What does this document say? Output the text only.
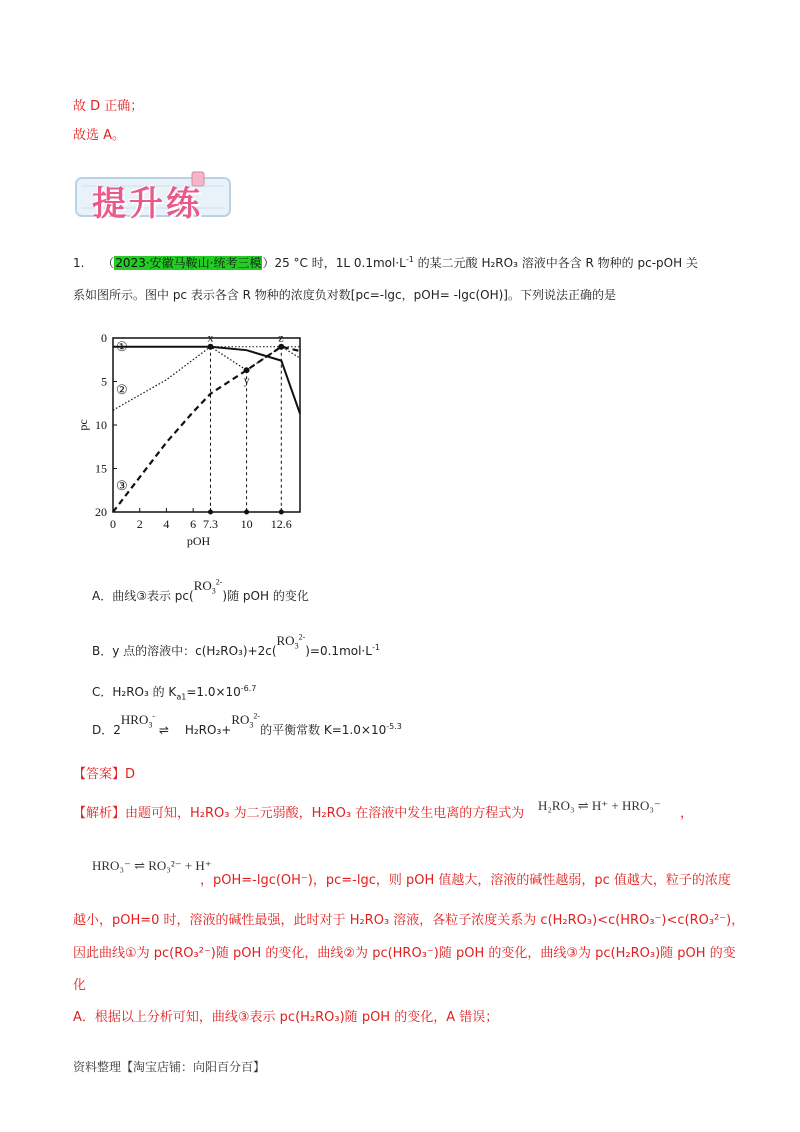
故 D 正确；
故选 A。
提升练
1. （2023·安徽马鞍山·统考三模）25 °C 时，1L $0.1mol\cdot L^{-1}$ 的某二元酸 H₂RO₃ 溶液中各含 R 物种的 pc-pOH 关
系如图所示。图中 pc 表示各含 R 物种的浓度负对数[pc=-lgc，pOH= -lgc(OH)]。下列说法正确的是
0
5
10
15
20
0 2 4 6 7.3 10 12.6
pOH
pc
x
y
z
①
②
③
A．曲线③表示 $pc(RO_3^{2-})$随 pOH 的变化
B．y 点的溶液中：$c(H_2RO_3)+2c(RO_3^{2-})=0.1mol\cdot L^{-1}$
C．H₂RO₃ 的 $K_{a1}=1.0\times 10^{-6.7}$
D．$2HRO_3^-$ ⇌ $H_2RO_3+RO_3^{2-}$的平衡常数 $K=1.0\times 10^{-5.3}$
【答案】D
【解析】由题可知，H₂RO₃ 为二元弱酸，H₂RO₃ 在溶液中发生电离的方程式为
H₂RO₃ ⇌ H⁺ + HRO₃⁻
，
HRO₃⁻ ⇌ RO₃²⁻ + H⁺
，pOH=-lgc(OH⁻)，pc=-lgc，则 pOH 值越大，溶液的碱性越弱，pc 值越大，粒子的浓度
越小，pOH=0 时，溶液的碱性最强，此时对于 H₂RO₃ 溶液，各粒子浓度关系为 c(H₂RO₃)<c(HRO₃⁻)<c(RO₃²⁻)，
因此曲线①为 pc(RO₃²⁻)随 pOH 的变化，曲线②为 pc(HRO₃⁻)随 pOH 的变化，曲线③为 pc(H₂RO₃)随 pOH 的变
化
A．根据以上分析可知，曲线③表示 pc(H₂RO₃)随 pOH 的变化，A 错误；
资料整理【淘宝店铺：向阳百分百】
